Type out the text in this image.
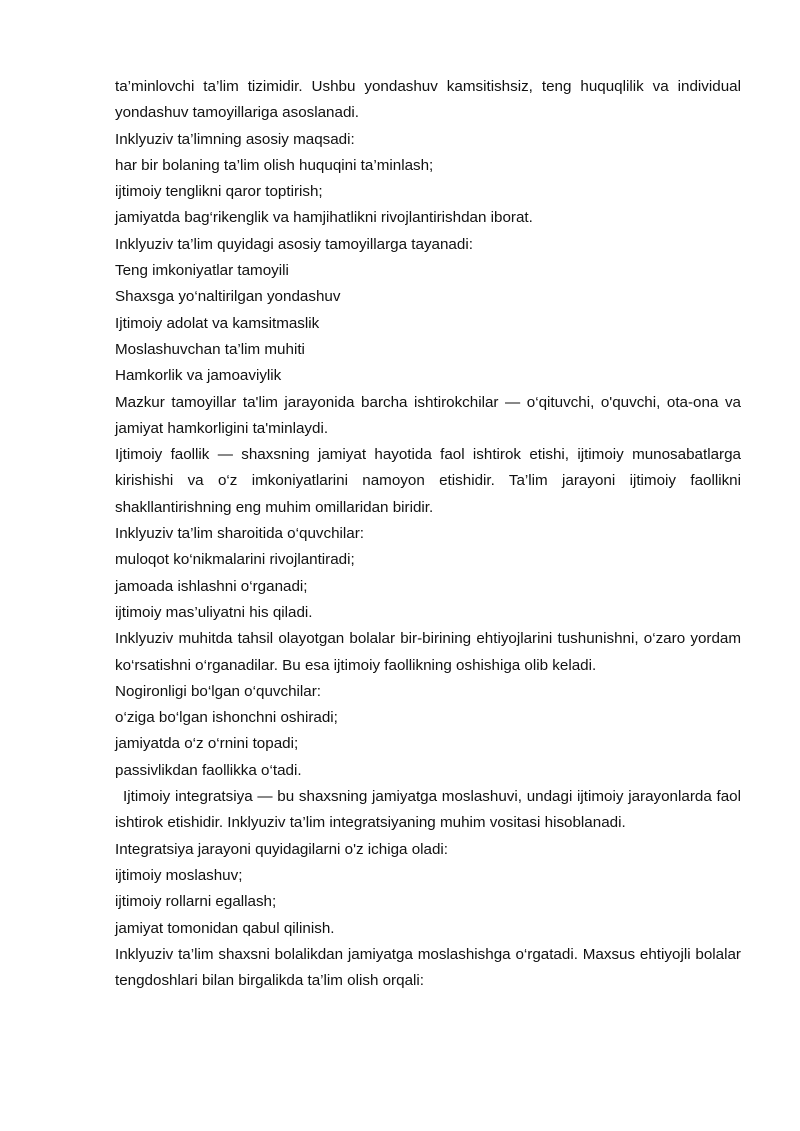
ta’minlovchi ta’lim tizimidir. Ushbu yondashuv kamsitishsiz, teng huquqlilik va individual yondashuv tamoyillariga asoslanadi.

Inklyuziv ta’limning asosiy maqsadi:

har bir bolaning ta’lim olish huquqini ta’minlash;

ijtimoiy tenglikni qaror toptirish;

jamiyatda bag‘rikenglik va hamjihatlikni rivojlantirishdan iborat.

Inklyuziv ta’lim quyidagi asosiy tamoyillarga tayanadi:

Teng imkoniyatlar tamoyili

Shaxsga yo‘naltirilgan yondashuv

Ijtimoiy adolat va kamsitmaslik

Moslashuvchan ta’lim muhiti

Hamkorlik va jamoaviylik

Mazkur tamoyillar ta'lim jarayonida barcha ishtirokchilar — o‘qituvchi, o'quvchi, ota-ona va jamiyat hamkorligini ta'minlaydi.

Ijtimoiy faollik — shaxsning jamiyat hayotida faol ishtirok etishi, ijtimoiy munosabatlarga kirishishi va o‘z imkoniyatlarini namoyon etishidir. Ta’lim jarayoni ijtimoiy faollikni shakllantirishning eng muhim omillaridan biridir.

Inklyuziv ta’lim sharoitida o‘quvchilar:

muloqot ko‘nikmalarini rivojlantiradi;

jamoada ishlashni o‘rganadi;

ijtimoiy mas’uliyatni his qiladi.

Inklyuziv muhitda tahsil olayotgan bolalar bir-birining ehtiyojlarini tushunishni, o‘zaro yordam ko‘rsatishni o‘rganadilar. Bu esa ijtimoiy faollikning oshishiga olib keladi.

Nogironligi bo‘lgan o‘quvchilar:

o‘ziga bo‘lgan ishonchni oshiradi;

jamiyatda o‘z o‘rnini topadi;

passivlikdan faollikka o‘tadi.

Ijtimoiy integratsiya — bu shaxsning jamiyatga moslashuvi, undagi ijtimoiy jarayonlarda faol ishtirok etishidir. Inklyuziv ta’lim integratsiyaning muhim vositasi hisoblanadi.

Integratsiya jarayoni quyidagilarni o'z ichiga oladi:

ijtimoiy moslashuv;

ijtimoiy rollarni egallash;

jamiyat tomonidan qabul qilinish.

Inklyuziv ta’lim shaxsni bolalikdan jamiyatga moslashishga o‘rgatadi. Maxsus ehtiyojli bolalar tengdoshlari bilan birgalikda ta’lim olish orqali:
